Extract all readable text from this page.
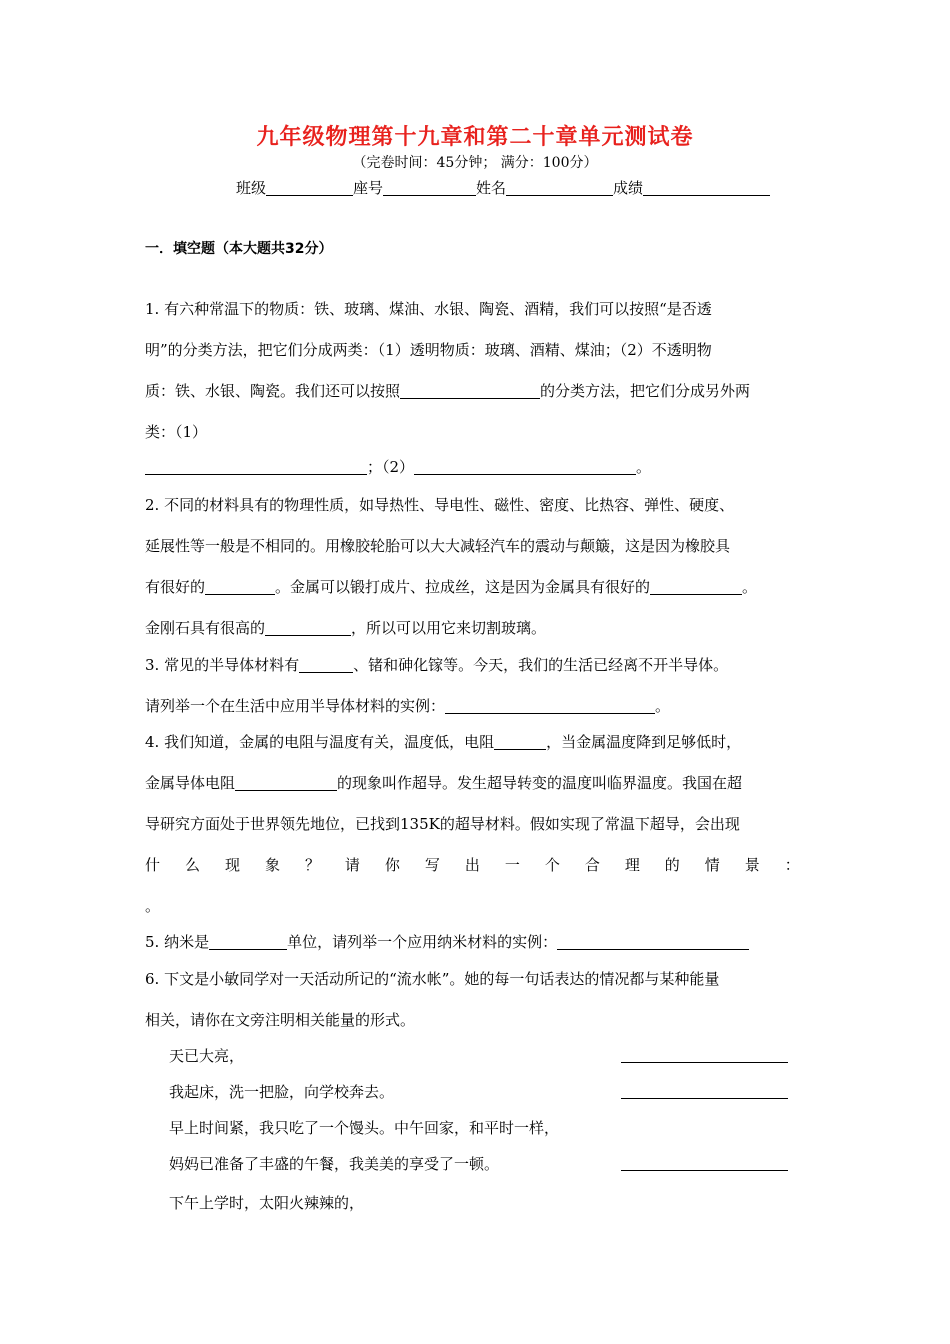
九年级物理第十九章和第二十章单元测试卷
（完卷时间：45分钟； 满分：100分）
班级	座号	姓名	成绩
一．填空题（本大题共32分）
1. 有六种常温下的物质：铁、玻璃、煤油、水银、陶瓷、酒精，我们可以按照“是否透
明”的分类方法，把它们分成两类：（1）透明物质：玻璃、酒精、煤油；（2）不透明物
质：铁、水银、陶瓷。我们还可以按照	的分类方法，把它们分成另外两
类：（1）
；（2）	。
2. 不同的材料具有的物理性质，如导热性、导电性、磁性、密度、比热容、弹性、硬度、
延展性等一般是不相同的。用橡胶轮胎可以大大减轻汽车的震动与颠簸，这是因为橡胶具
有很好的	。金属可以锻打成片、拉成丝，这是因为金属具有很好的	。
金刚石具有很高的	，所以可以用它来切割玻璃。
3. 常见的半导体材料有	、锗和砷化镓等。今天，我们的生活已经离不开半导体。
请列举一个在生活中应用半导体材料的实例：	。
4. 我们知道，金属的电阻与温度有关，温度低，电阻	，当金属温度降到足够低时，
金属导体电阻	的现象叫作超导。发生超导转变的温度叫临界温度。我国在超
导研究方面处于世界领先地位，已找到135K的超导材料。假如实现了常温下超导，会出现
什 么 现 象 ？ 请 你 写 出 一 个 合 理 的 情 景 ：
。
5. 纳米是	单位，请列举一个应用纳米材料的实例：
6. 下文是小敏同学对一天活动所记的“流水帐”。她的每一句话表达的情况都与某种能量
相关，请你在文旁注明相关能量的形式。
天已大亮，
我起床，洗一把脸，向学校奔去。
早上时间紧，我只吃了一个馒头。中午回家，和平时一样，
妈妈已准备了丰盛的午餐，我美美的享受了一顿。
下午上学时，太阳火辣辣的，
